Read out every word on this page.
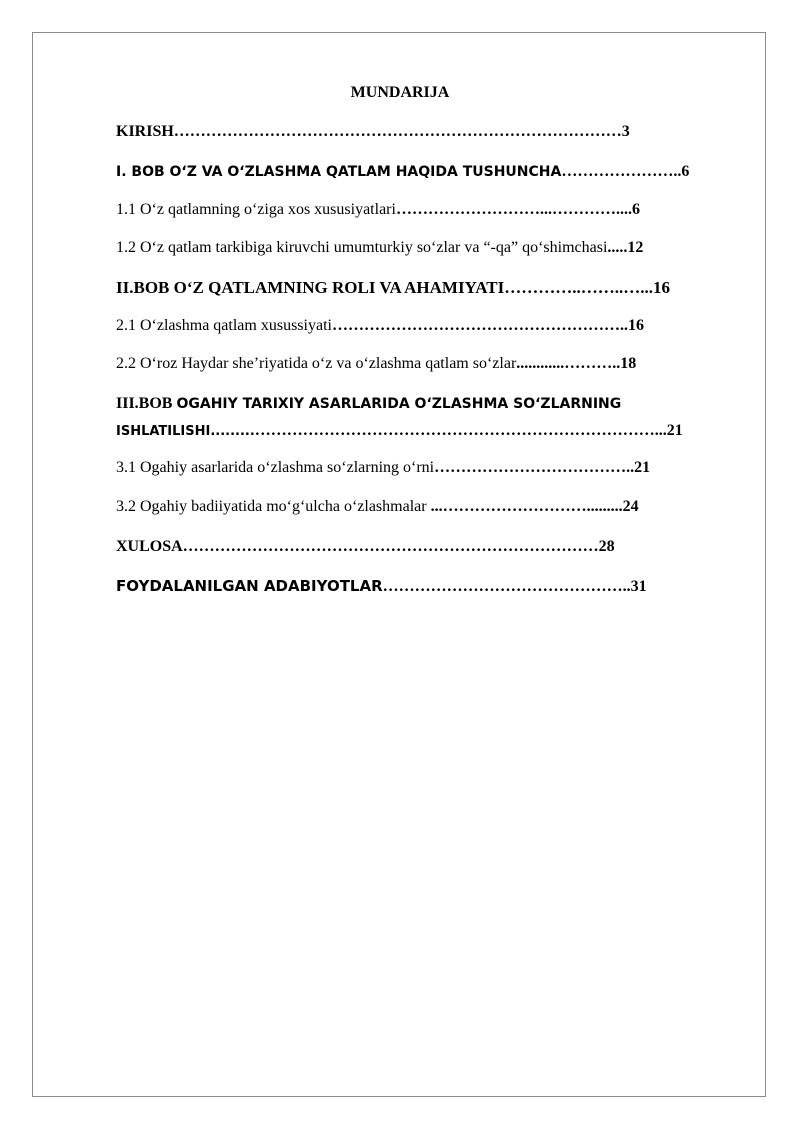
MUNDARIJA
KIRISH…………………………………………………………………………3
I. BOB O‘Z VA O‘ZLASHMA QATLAM HAQIDA TUSHUNCHA…………………..6
1.1 O‘z qatlamning o‘ziga xos xususiyatlari………………………...…………....6
1.2 O‘z qatlam tarkibiga kiruvchi umumturkiy so‘zlar va “-qa” qo‘shimchasi.....12
II.BOB O‘Z QATLAMNING ROLI VA AHAMIYATI…………..……..…...16
2.1 O‘zlashma qatlam xusussiyati………………………………………………..16
2.2 O‘roz Haydar she’riyatida o‘z va o‘zlashma qatlam so‘zlar............………..18
III.BOB OGAHIY TARIXIY ASARLARIDA O‘ZLASHMA SO‘ZLARNING
ISHLATILISHI.........…………………………………………………………………...21
3.1 Ogahiy asarlarida o‘zlashma so‘zlarning o‘rni………………………………..21
3.2 Ogahiy badiiyatida mo‘g‘ulcha o‘zlashmalar ...……………………….........24
XULOSA……………………………………………………………………28
FOYDALANILGAN ADABIYOTLAR………………………………………..31
